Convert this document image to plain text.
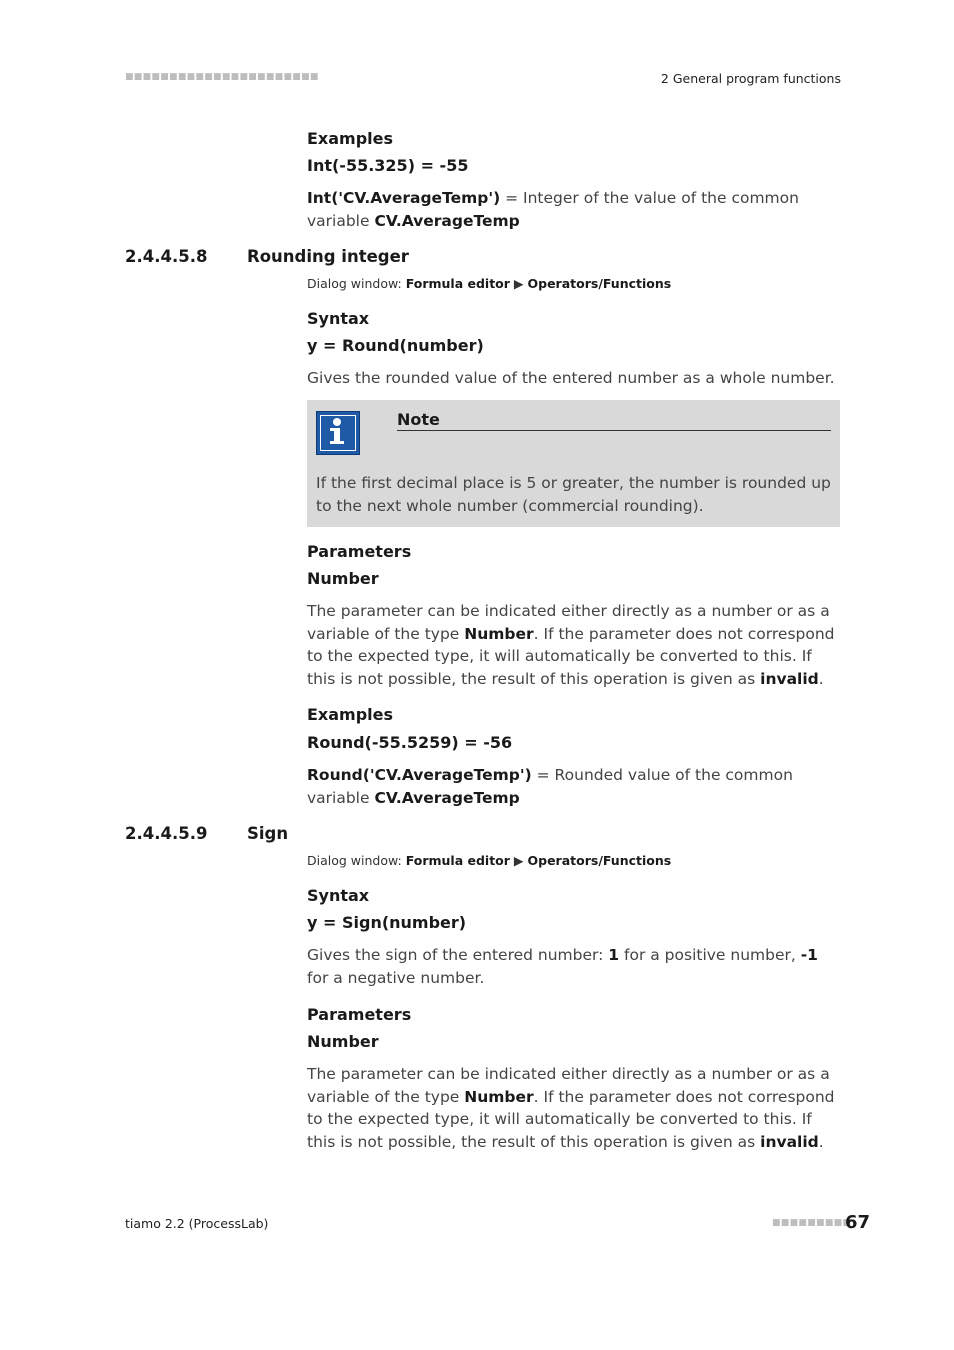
■■■■■■■■■■■■■■■■■■■■■■	2 General program functions
Examples
Int(-55.325) = -55
Int('CV.AverageTemp') = Integer of the value of the common variable CV.AverageTemp
2.4.4.5.8 Rounding integer
Dialog window: Formula editor ▶ Operators/Functions
Syntax
y = Round(number)
Gives the rounded value of the entered number as a whole number.
Note
If the first decimal place is 5 or greater, the number is rounded up to the next whole number (commercial rounding).
Parameters
Number
The parameter can be indicated either directly as a number or as a variable of the type Number. If the parameter does not correspond to the expected type, it will automatically be converted to this. If this is not possible, the result of this operation is given as invalid.
Examples
Round(-55.5259) = -56
Round('CV.AverageTemp') = Rounded value of the common variable CV.AverageTemp
2.4.4.5.9 Sign
Dialog window: Formula editor ▶ Operators/Functions
Syntax
y = Sign(number)
Gives the sign of the entered number: 1 for a positive number, -1 for a negative number.
Parameters
Number
The parameter can be indicated either directly as a number or as a variable of the type Number. If the parameter does not correspond to the expected type, it will automatically be converted to this. If this is not possible, the result of this operation is given as invalid.
tiamo 2.2 (ProcessLab)	■■■■■■■■■
67
